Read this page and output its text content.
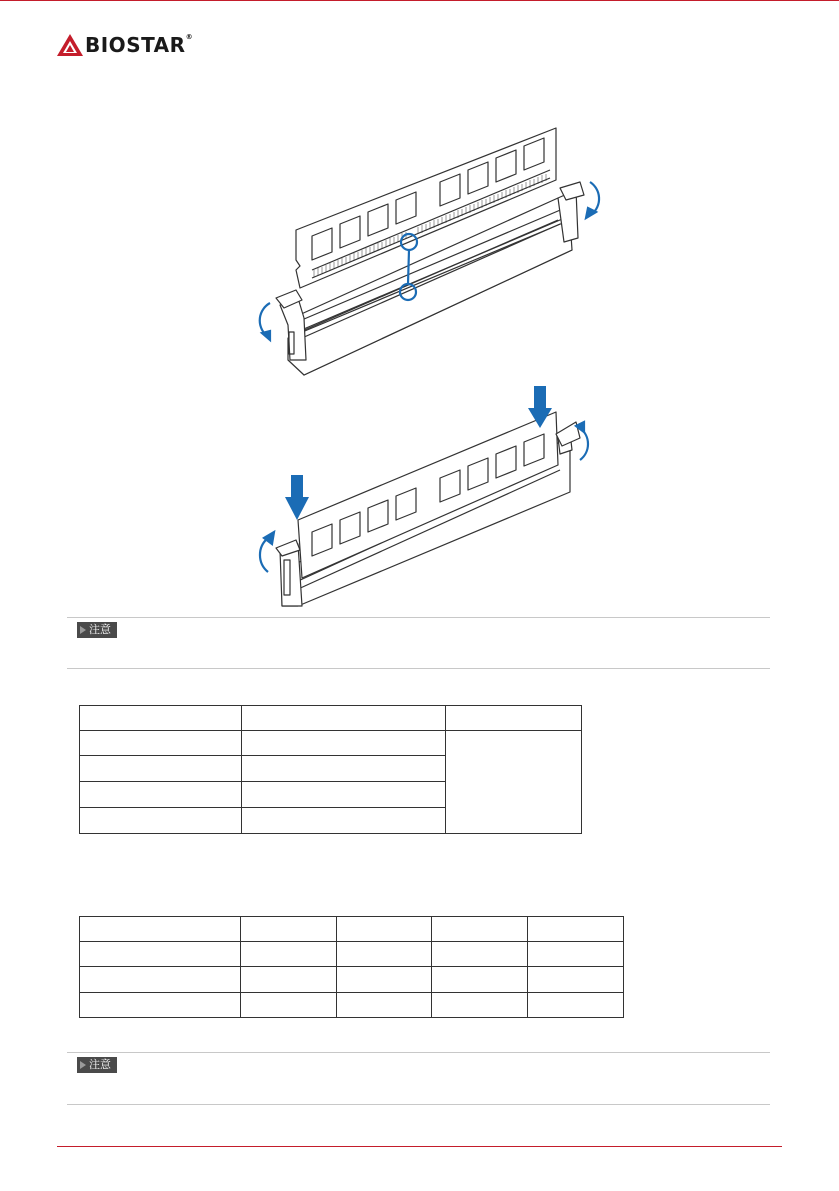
BIOSTAR®
注意

注意
